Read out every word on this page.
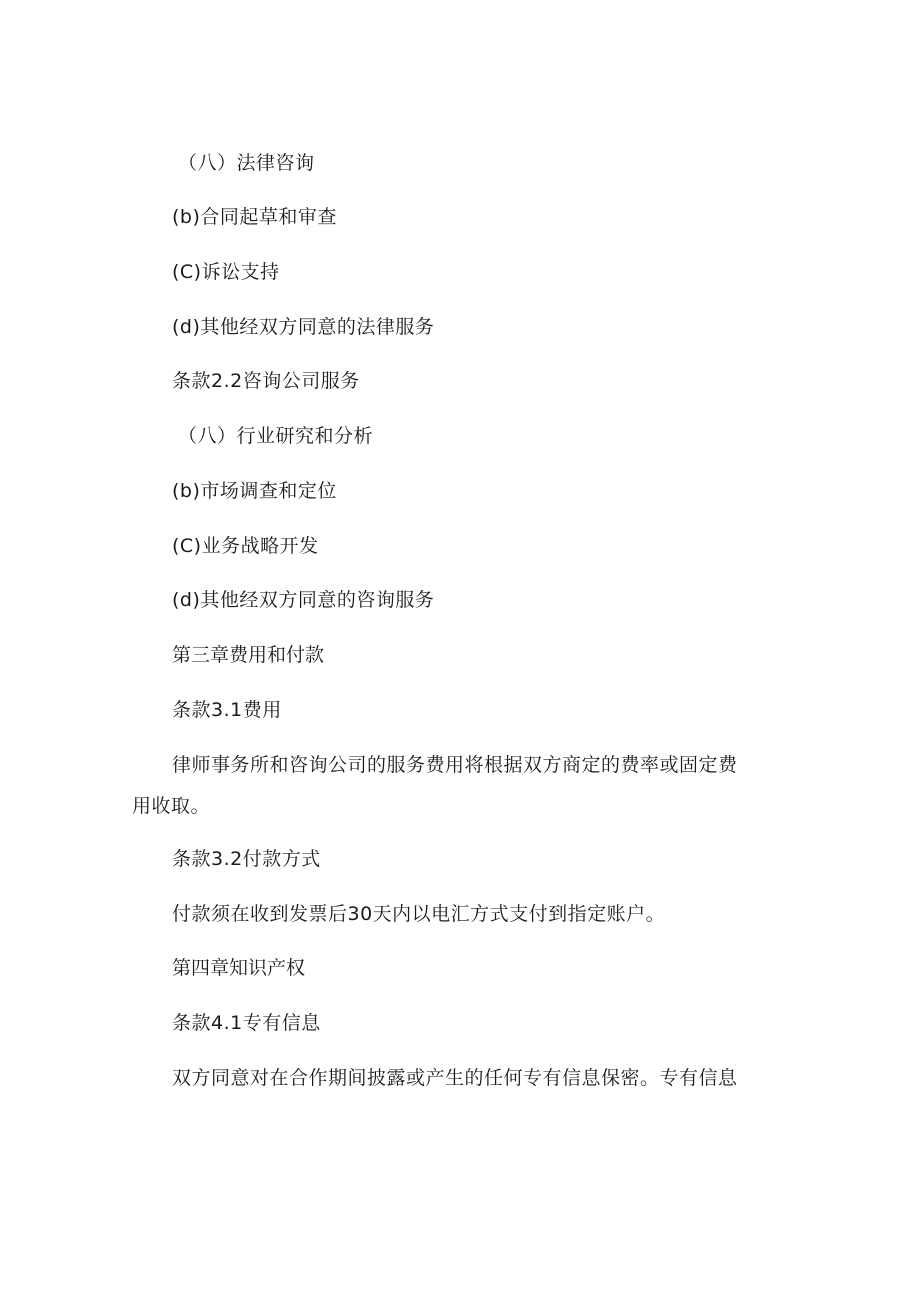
（八）法律咨询
(b)合同起草和审查
(C)诉讼支持
(d)其他经双方同意的法律服务
条款2.2咨询公司服务
（八）行业研究和分析
(b)市场调查和定位
(C)业务战略开发
(d)其他经双方同意的咨询服务
第三章费用和付款
条款3.1费用
律师事务所和咨询公司的服务费用将根据双方商定的费率或固定费
用收取。
条款3.2付款方式
付款须在收到发票后30天内以电汇方式支付到指定账户。
第四章知识产权
条款4.1专有信息
双方同意对在合作期间披露或产生的任何专有信息保密。专有信息
